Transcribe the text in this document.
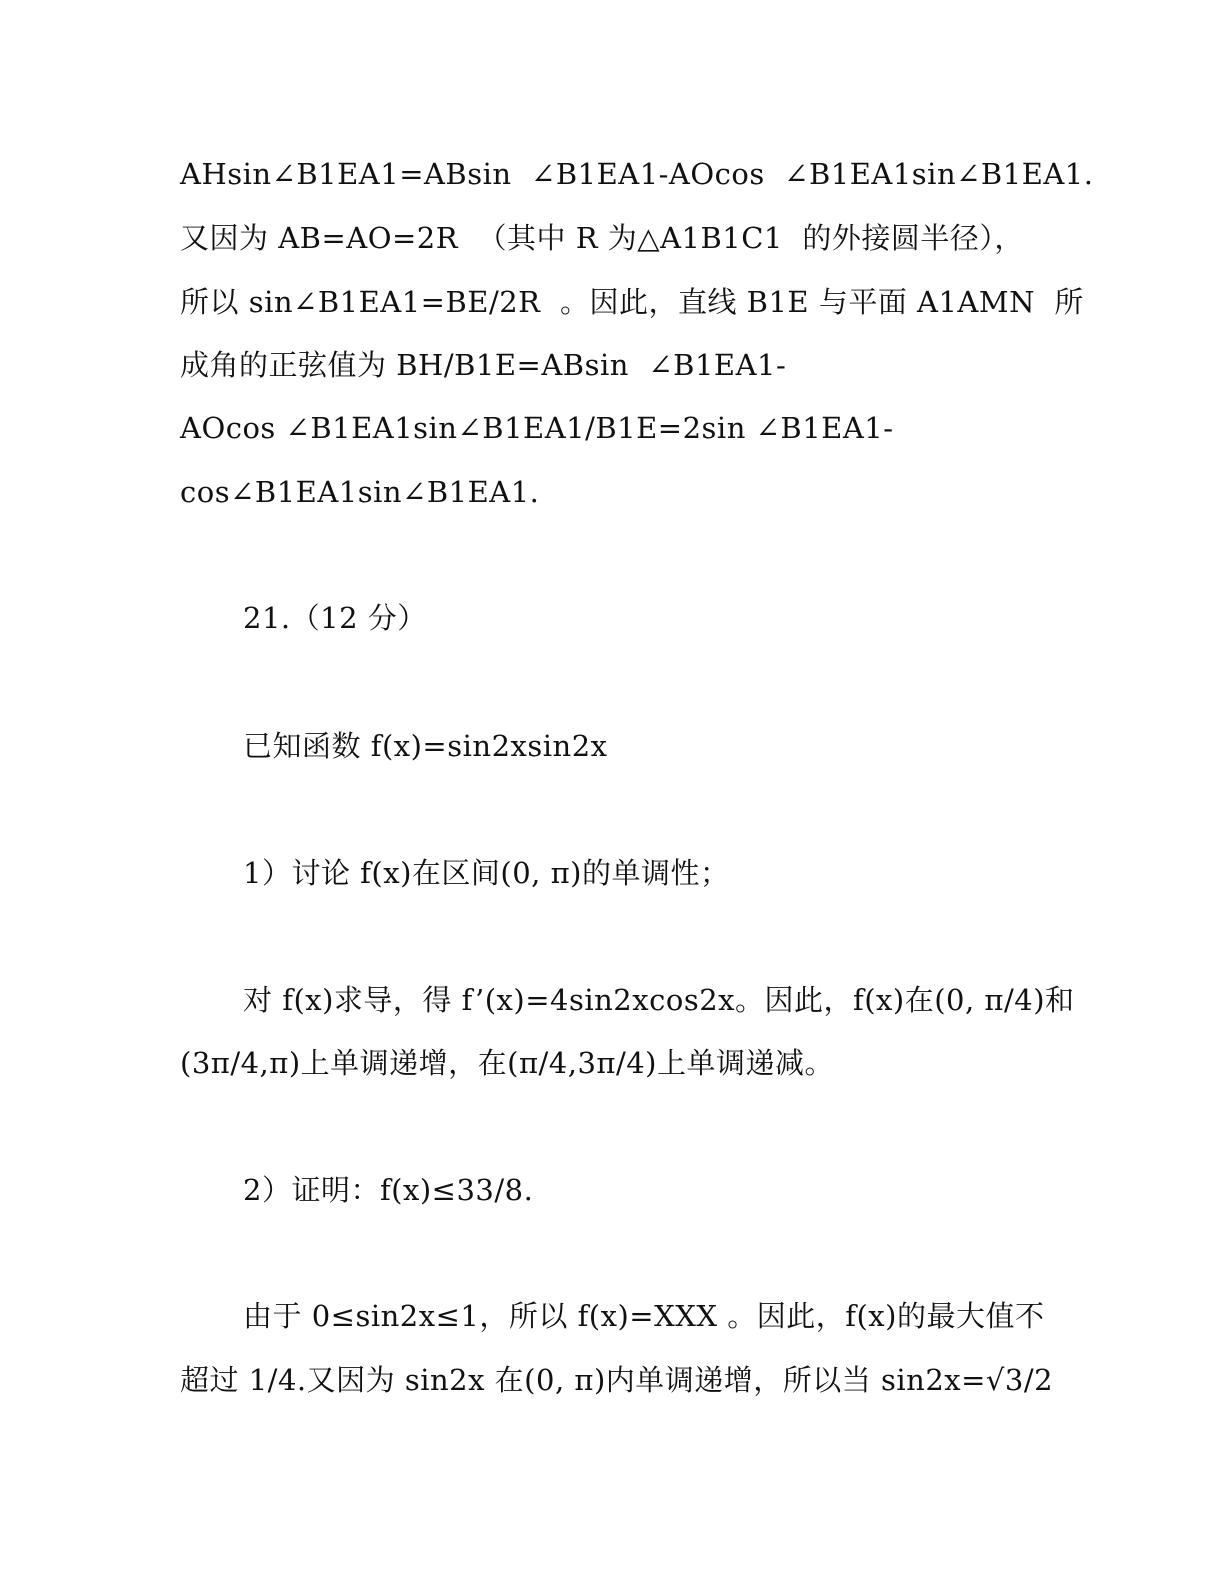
AHsin∠B1EA1=ABsin  ∠B1EA1-AOcos  ∠B1EA1sin∠B1EA1.
又因为 AB=AO=2R  （其中 R 为△A1B1C1  的外接圆半径），
所以 sin∠B1EA1=BE/2R  。因此，直线 B1E 与平面 A1AMN  所
成角的正弦值为 BH/B1E=ABsin  ∠B1EA1-
AOcos ∠B1EA1sin∠B1EA1/B1E=2sin ∠B1EA1-
cos∠B1EA1sin∠B1EA1.
21.（12 分）
已知函数 f(x)=sin2xsin2x
1）讨论 f(x)在区间(0, π)的单调性；
对 f(x)求导，得 f’(x)=4sin2xcos2x。因此，f(x)在(0, π/4)和
(3π/4,π)上单调递增，在(π/4,3π/4)上单调递减。
2）证明：f(x)≤33/8.
由于 0≤sin2x≤1，所以 f(x)=XXX 。因此，f(x)的最大值不
超过 1/4.又因为 sin2x 在(0, π)内单调递增，所以当 sin2x=√3/2
